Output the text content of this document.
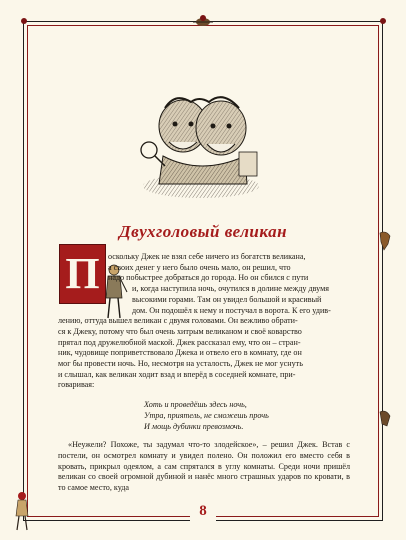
Двухголовый великан
П	оскольку Джек не взял себе ничего из богатств великана,
а своих денег у него было очень мало, он решил, что
надо побыстрее добраться до города. Но он сбился с пути
и, когда наступила ночь, очутился в долине между двумя
высокими горами. Там он увидел большой и красивый
дом. Он подошёл к нему и постучал в ворота. К его удив-
лению, оттуда вышел великан с двумя головами. Он вежливо обрати-
ся к Джеку, потому что был очень хитрым великаном и своё коварство
прятал под дружелюбной маской. Джек рассказал ему, что он – стран-
ник, чудовище поприветствовало Джека и отвело его в комнату, где он
мог бы провести ночь. Но, несмотря на усталость, Джек не мог уснуть
и слышал, как великан ходит взад и вперёд в соседней комнате, при-
говаривая:

Хоть и проведёшь здесь ночь,
Утра, приятель, не сможешь прочь
И мощь дубинки превозмочь.

«Неужели? Похоже, ты задумал что-то злодейское», – решил Джек. Встав с постели, он осмотрел комнату и увидел полено. Он положил его вместо себя в кровать, прикрыл одеялом, а сам спрятался в углу комнаты. Среди ночи пришёл великан со своей огромной дубиной и нанёс много страшных ударов по кровати, в то самое место, куда

8
